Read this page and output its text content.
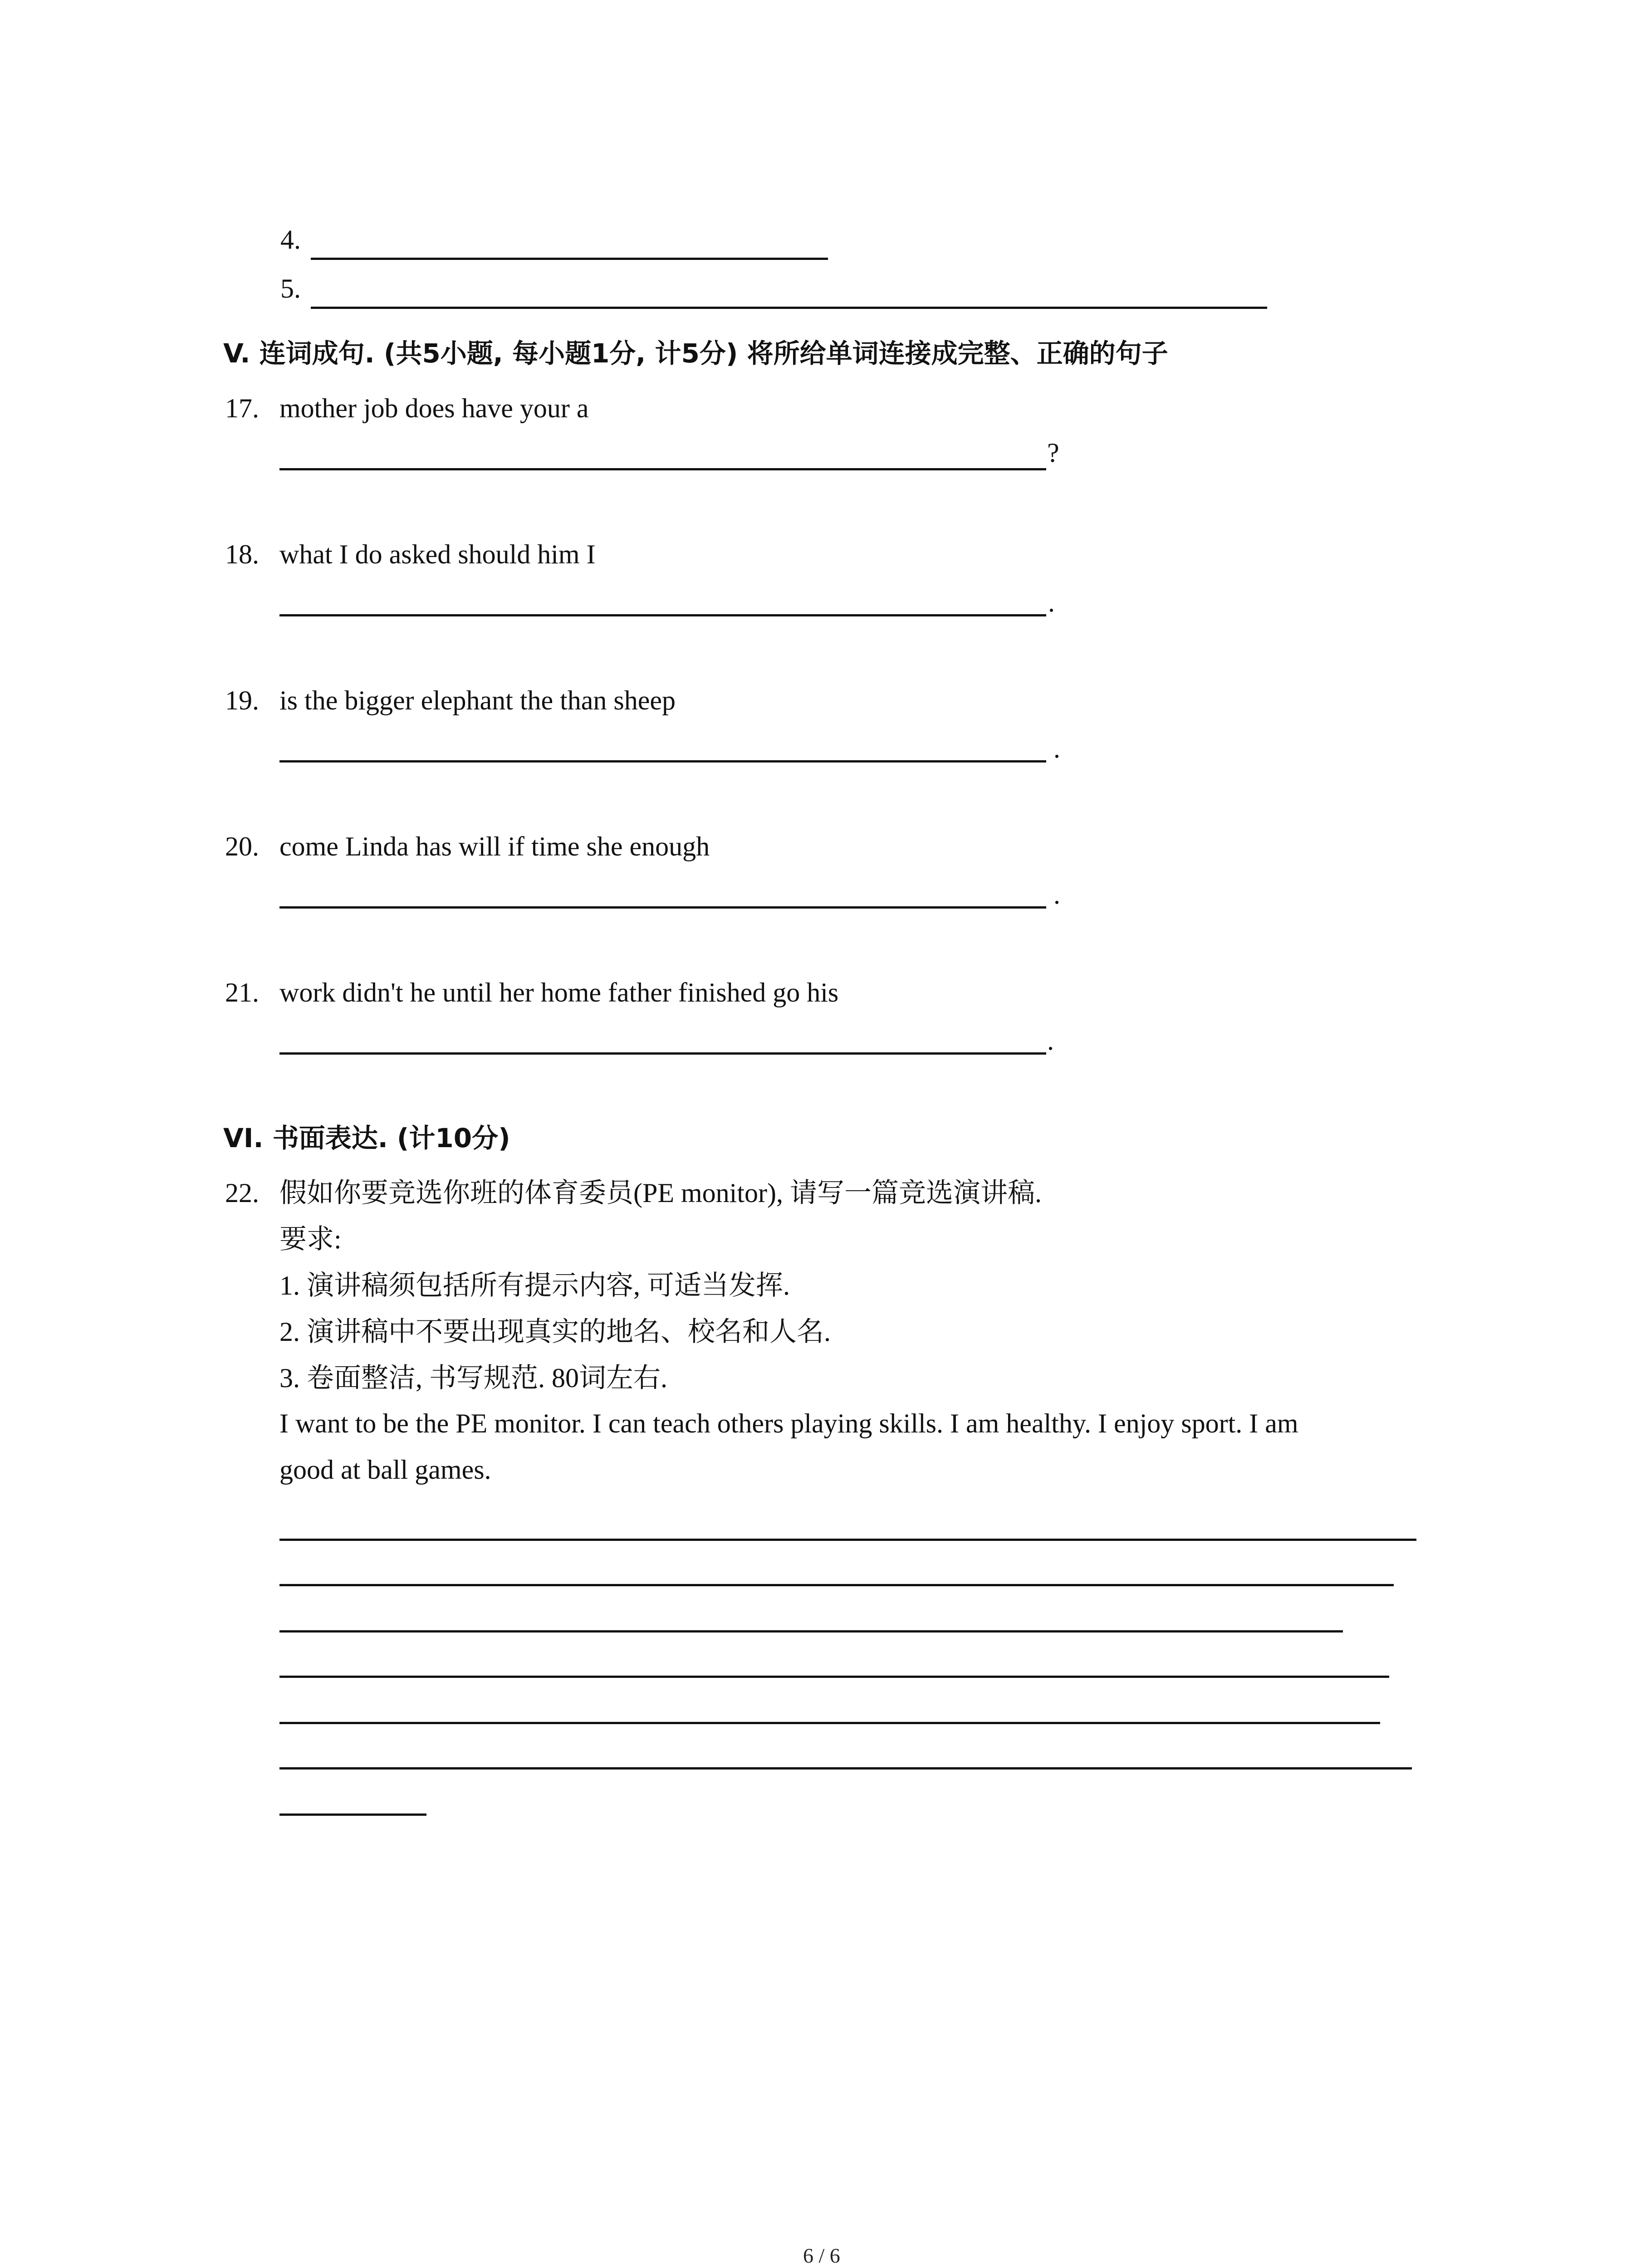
4.
5.
V. 连词成句. (共5小题, 每小题1分, 计5分) 将所给单词连接成完整、正确的句子
17. mother job does have your a
?
18. what I do asked should him I
.
19. is the bigger elephant the than sheep
.
20. come Linda has will if time she enough
.
21. work didn't he until her home father finished go his
.
VI. 书面表达. (计10分)
22. 假如你要竞选你班的体育委员(PE monitor), 请写一篇竞选演讲稿.
要求:
1. 演讲稿须包括所有提示内容, 可适当发挥.
2. 演讲稿中不要出现真实的地名、校名和人名.
3. 卷面整洁, 书写规范. 80词左右.
I want to be the PE monitor. I can teach others playing skills. I am healthy. I enjoy sport. I am
good at ball games.
6 / 6
